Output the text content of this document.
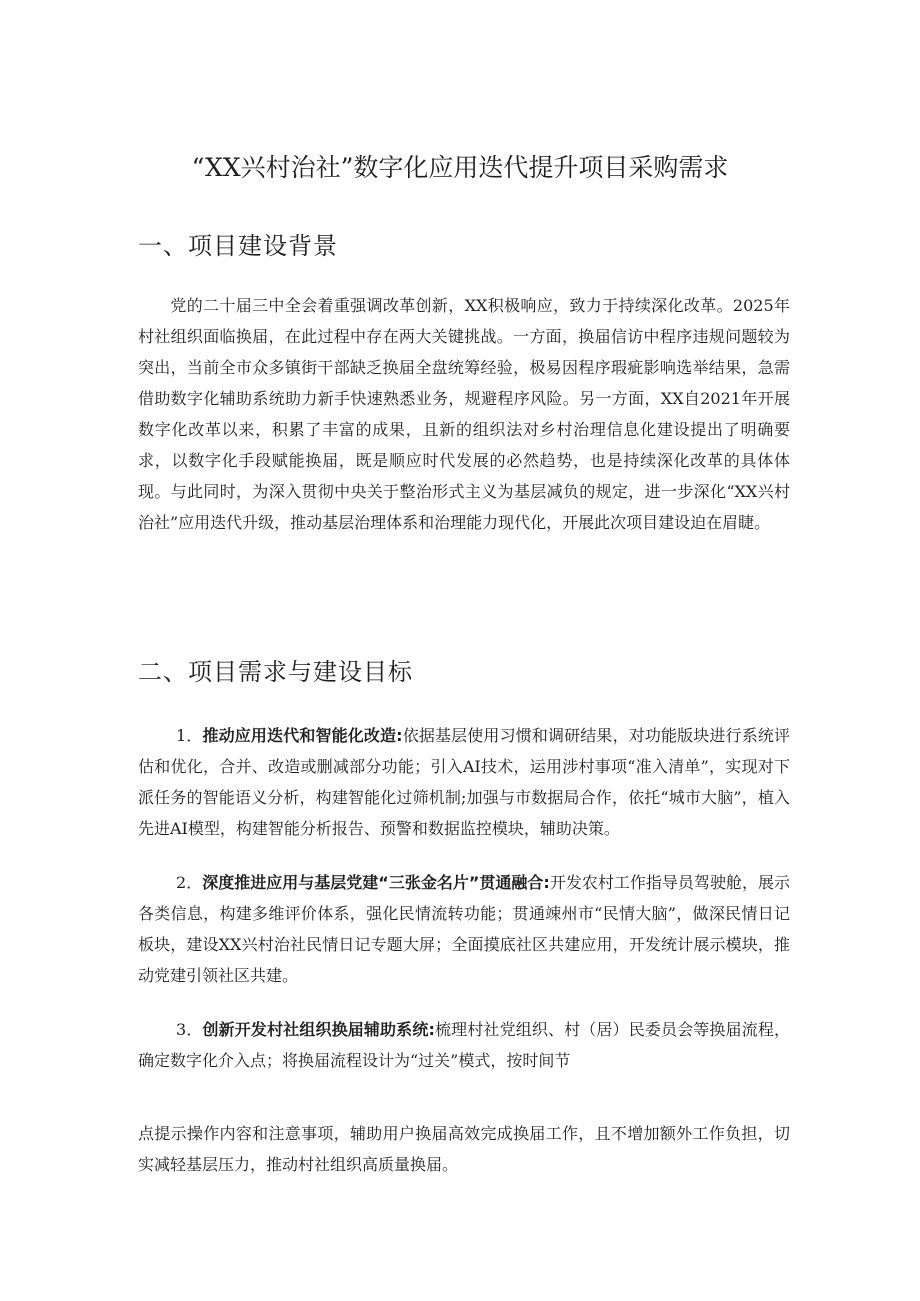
“XX兴村治社”数字化应用迭代提升项目采购需求
一、项目建设背景
党的二十届三中全会着重强调改革创新，XX积极响应，致力于持续深化改革。2025年村社组织面临换届，在此过程中存在两大关键挑战。一方面，换届信访中程序违规问题较为突出，当前全市众多镇街干部缺乏换届全盘统筹经验，极易因程序瑕疵影响选举结果，急需借助数字化辅助系统助力新手快速熟悉业务，规避程序风险。另一方面，XX自2021年开展数字化改革以来，积累了丰富的成果，且新的组织法对乡村治理信息化建设提出了明确要求，以数字化手段赋能换届，既是顺应时代发展的必然趋势，也是持续深化改革的具体体现。与此同时，为深入贯彻中央关于整治形式主义为基层减负的规定，进一步深化“XX兴村治社”应用迭代升级，推动基层治理体系和治理能力现代化，开展此次项目建设迫在眉睫。
二、项目需求与建设目标
1．推动应用迭代和智能化改造:依据基层使用习惯和调研结果，对功能版块进行系统评估和优化，合并、改造或删减部分功能；引入AI技术，运用涉村事项“准入清单”，实现对下派任务的智能语义分析，构建智能化过筛机制;加强与市数据局合作，依托“城市大脑”，植入先进AI模型，构建智能分析报告、预警和数据监控模块，辅助决策。
2．深度推进应用与基层党建“三张金名片”贯通融合:开发农村工作指导员驾驶舱，展示各类信息，构建多维评价体系，强化民情流转功能；贯通竦州市“民情大脑”，做深民情日记板块，建设XX兴村治社民情日记专题大屏；全面摸底社区共建应用，开发统计展示模块，推动党建引领社区共建。
3．创新开发村社组织换届辅助系统:梳理村社党组织、村（居）民委员会等换届流程，确定数字化介入点；将换届流程设计为“过关”模式，按时间节
点提示操作内容和注意事项，辅助用户换届高效完成换届工作，且不增加额外工作负担，切实减轻基层压力，推动村社组织高质量换届。
